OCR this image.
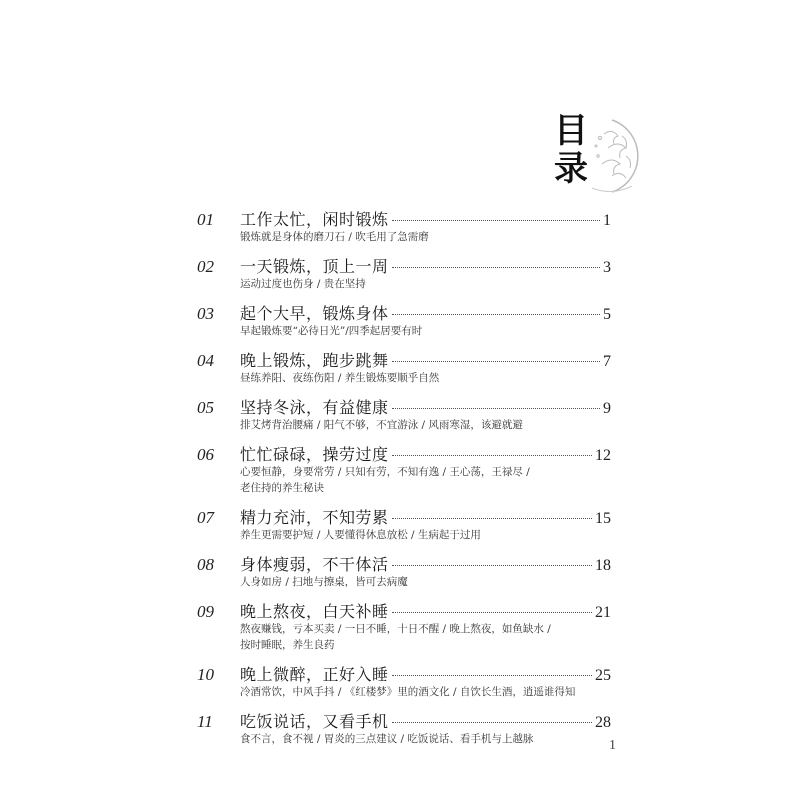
目
录
01	工作太忙，闲时锻炼	1
锻炼就是身体的磨刀石 / 吹毛用了急需磨
02	一天锻炼，顶上一周	3
运动过度也伤身 / 贵在坚持
03	起个大早，锻炼身体	5
早起锻炼要“必待日光”/四季起居要有时
04	晚上锻炼，跑步跳舞	7
昼练养阳、夜练伤阳 / 养生锻炼要顺乎自然
05	坚持冬泳，有益健康	9
排艾烤背治腰痛 / 阳气不够，不宜游泳 / 风雨寒湿，该避就避
06	忙忙碌碌，操劳过度	12
心要恒静，身要常劳 / 只知有劳，不知有逸 / 王心荡，王禄尽 /
老住持的养生秘诀
07	精力充沛，不知劳累	15
养生更需要护短 / 人要懂得休息放松 / 生病起于过用
08	身体瘦弱，不干体活	18
人身如房 / 扫地与擦桌，皆可去病魔
09	晚上熬夜，白天补睡	21
熬夜赚钱，亏本买卖 / 一日不睡，十日不醒 / 晚上熬夜，如鱼缺水 /
按时睡眠，养生良药
10	晚上微醉，正好入睡	25
冷酒常饮，中风手抖 / 《红楼梦》里的酒文化 / 自饮长生酒，逍遥谁得知
11	吃饭说话，又看手机	28
食不言，食不视 / 胃炎的三点建议 / 吃饭说话、看手机与上越脉	1
